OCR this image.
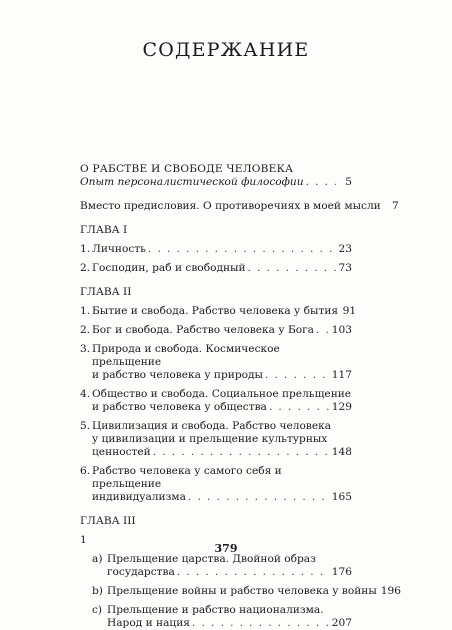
СОДЕРЖАНИЕ
О РАБСТВЕ И СВОБОДЕ ЧЕЛОВЕКА
Опыт персоналистической философии . . .	5
Вместо предисловия. О противоречиях в моей мысли	7
ГЛАВА I
1. Личность . . .	23
2. Господин, раб и свободный . . .	73
ГЛАВА II
1. Бытие и свобода. Рабство человека у бытия 91
2. Бог и свобода. Рабство человека у Бога . . . 103
3. Природа и свобода. Космическое прельщение
и рабство человека у природы . . .	117
4. Общество и свобода. Социальное прельщение
и рабство человека у общества . . .	129
5. Цивилизация и свобода. Рабство человека
у цивилизации и прельщение культурных
ценностей . . .	148
6. Рабство человека у самого себя и прельщение
индивидуализма . . .	165
ГЛАВА III
1
a) Прельщение царства. Двойной образ
государства . . .	176
b) Прельщение войны и рабство человека у войны 196
c) Прельщение и рабство национализма.
Народ и нация . . .	207
379
